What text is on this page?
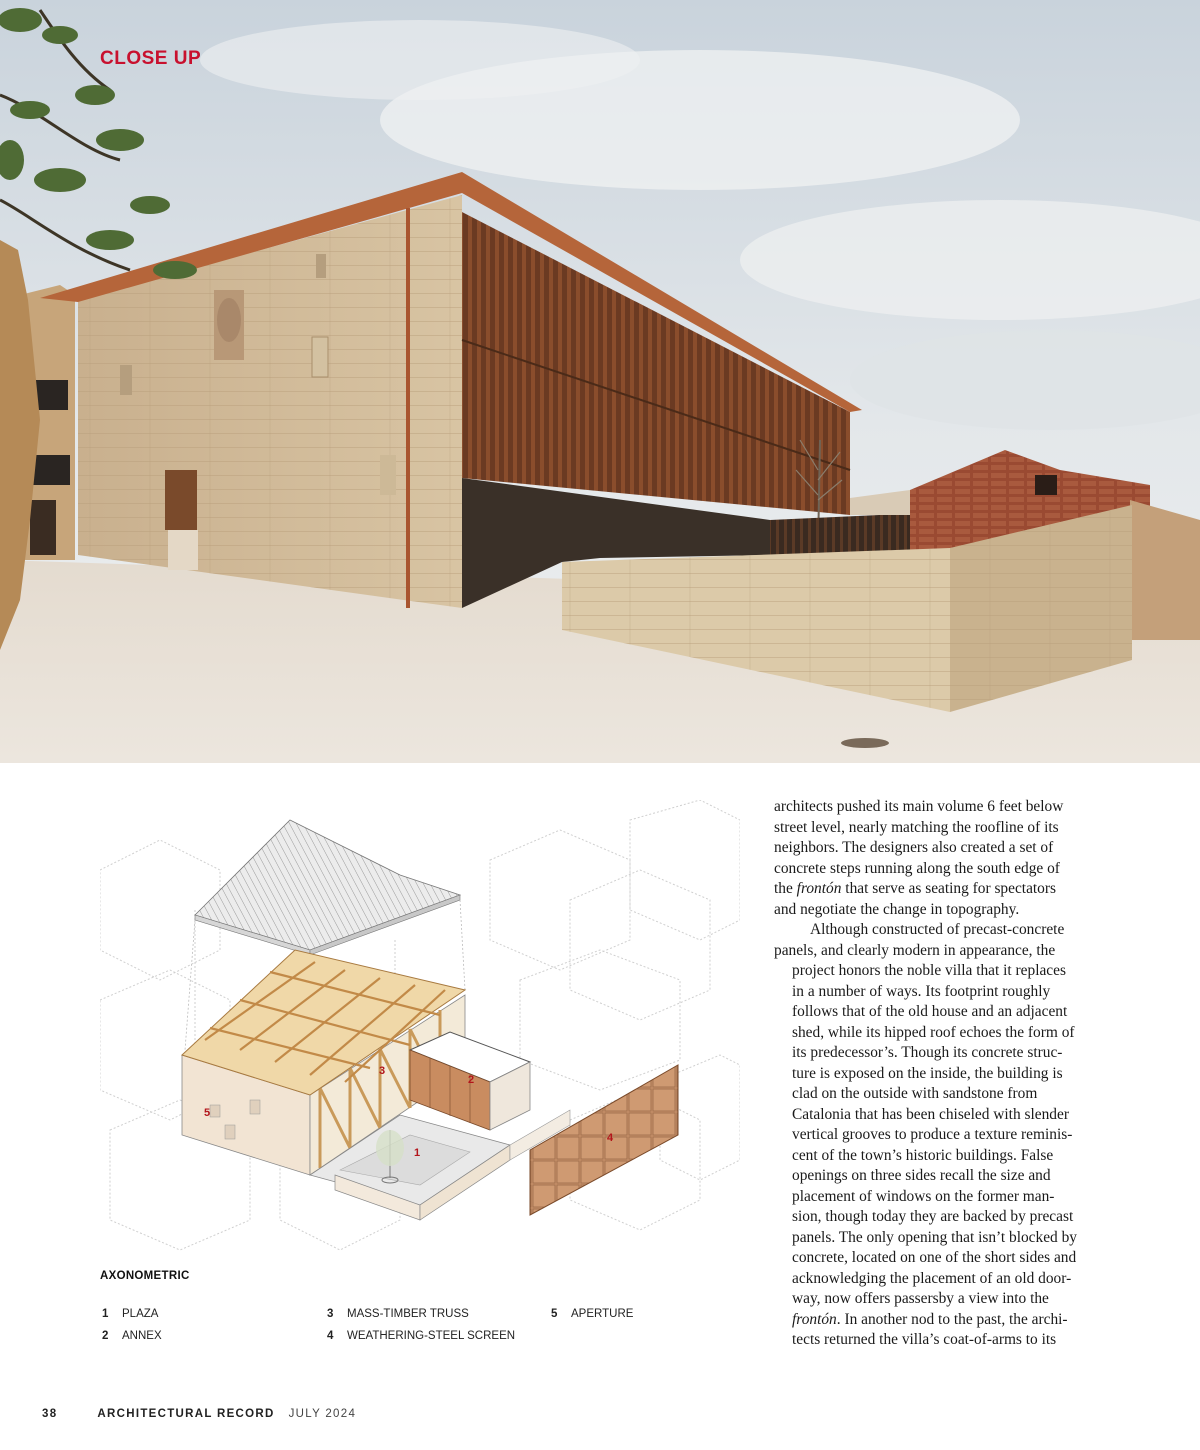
CLOSE UP
1
2
3
4
5
AXONOMETRIC
1 PLAZA
2 ANNEX
3 MASS-TIMBER TRUSS
4 WEATHERING-STEEL SCREEN
5 APERTURE

architects pushed its main volume 6 feet below
street level, nearly matching the roofline of its
neighbors. The designers also created a set of
concrete steps running along the south edge of
the frontón that serve as seating for spectators
and negotiate the change in topography.

Although constructed of precast-concrete
panels, and clearly modern in appearance, the
project honors the noble villa that it replaces
in a number of ways. Its footprint roughly
follows that of the old house and an adjacent
shed, while its hipped roof echoes the form of
its predecessor’s. Though its concrete struc-
ture is exposed on the inside, the building is
clad on the outside with sandstone from
Catalonia that has been chiseled with slender
vertical grooves to produce a texture reminis-
cent of the town’s historic buildings. False
openings on three sides recall the size and
placement of windows on the former man-
sion, though today they are backed by precast
panels. The only opening that isn’t blocked by
concrete, located on one of the short sides and
acknowledging the placement of an old door-
way, now offers passersby a view into the
frontón. In another nod to the past, the archi-
tects returned the villa’s coat-of-arms to its

38	ARCHITECTURAL RECORD JULY 2024
